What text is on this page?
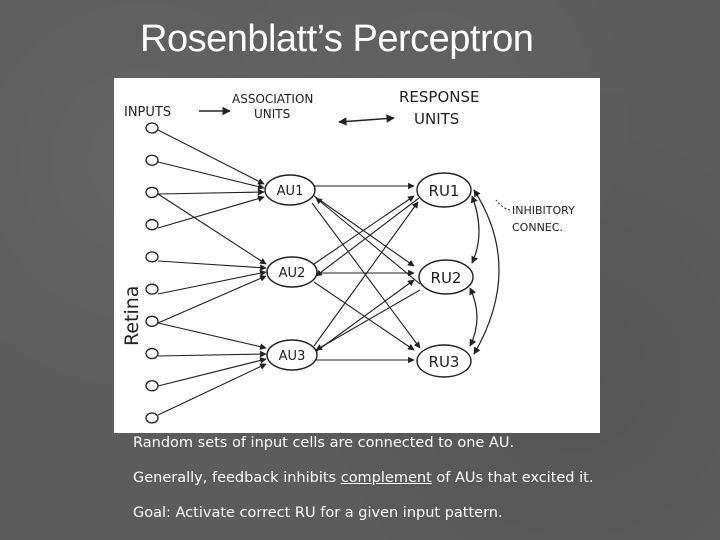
Rosenblatt’s Perceptron
INPUTS
ASSOCIATION
UNITS
RESPONSE
UNITS
Retina
INHIBITORY
CONNEC.
AU1
AU2
AU3
RU1
RU2
RU3
Random sets of input cells are connected to one AU.
Generally, feedback inhibits complement of AUs that excited it.
Goal: Activate correct RU for a given input pattern.
